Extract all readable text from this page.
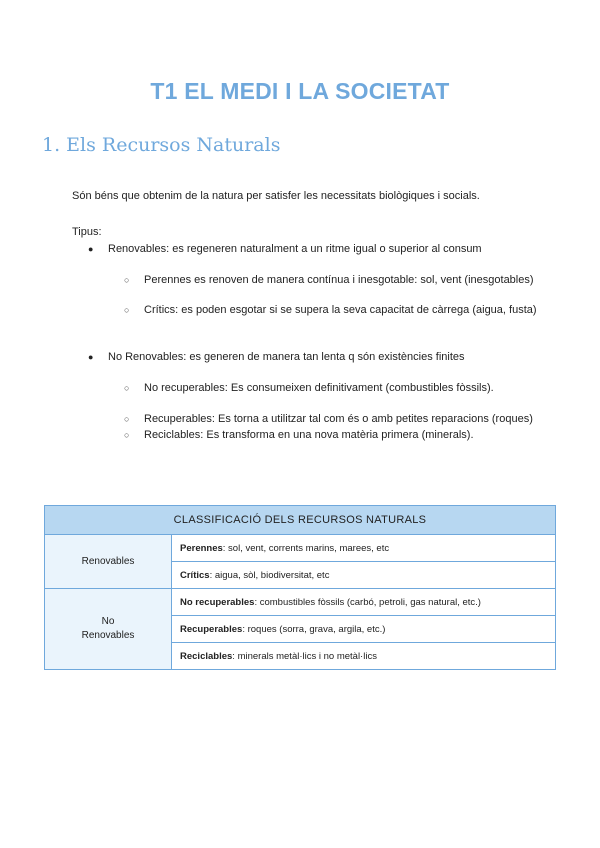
T1 EL MEDI I LA SOCIETAT
1. Els Recursos Naturals
Són béns que obtenim de la natura per satisfer les necessitats biològiques i socials.
Tipus:
● Renovables: es regeneren naturalment a un ritme igual o superior al consum
○ Perennes es renoven de manera contínua i inesgotable: sol, vent (inesgotables)
○ Crítics: es poden esgotar si se supera la seva capacitat de càrrega (aigua, fusta)
● No Renovables: es generen de manera tan lenta q són existències finites
○ No recuperables: Es consumeixen definitivament (combustibles fòssils).
○ Recuperables: Es torna a utilitzar tal com és o amb petites reparacions (roques)
○ Reciclables: Es transforma en una nova matèria primera (minerals).
CLASSIFICACIÓ DELS RECURSOS NATURALS	
Renovables	Perennes: sol, vent, corrents marins, marees, etc
	Crítics: aigua, sòl, biodiversitat, etc
No
Renovables	No recuperables: combustibles fòssils (carbó, petroli, gas natural, etc.)
	Recuperables: roques (sorra, grava, argila, etc.)
	Reciclables: minerals metàl·lics i no metàl·lics
